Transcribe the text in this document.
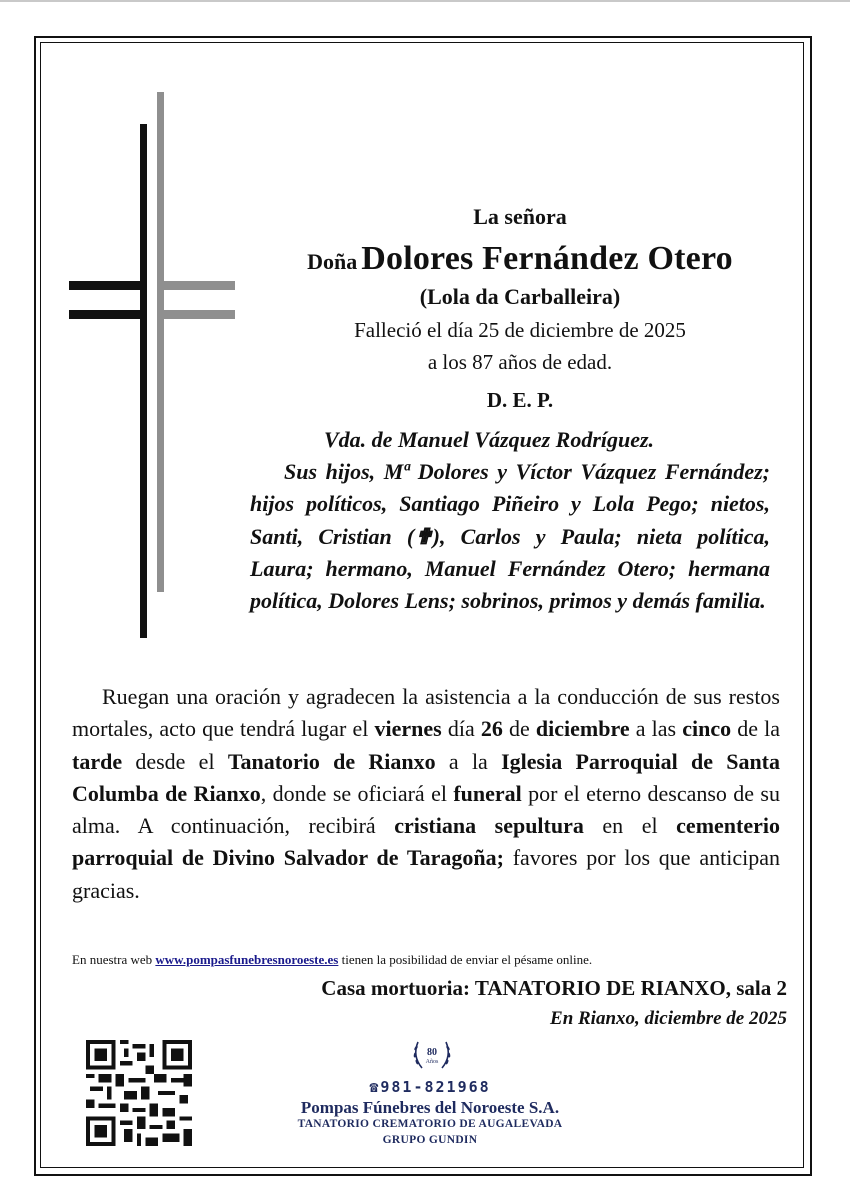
La señora
Doña Dolores Fernández Otero
(Lola da Carballeira)
Falleció el día 25 de diciembre de 2025
a los 87 años de edad.
D. E. P.
Vda. de Manuel Vázquez Rodríguez.
Sus hijos, Mª Dolores y Víctor Vázquez Fernández; hijos políticos, Santiago Piñeiro y Lola Pego; nietos, Santi, Cristian (✟), Carlos y Paula; nieta política, Laura; hermano, Manuel Fernández Otero; hermana política, Dolores Lens; sobrinos, primos y demás familia.
Ruegan una oración y agradecen la asistencia a la conducción de sus restos mortales, acto que tendrá lugar el viernes día 26 de diciembre a las cinco de la tarde desde el Tanatorio de Rianxo a la Iglesia Parroquial de Santa Columba de Rianxo, donde se oficiará el funeral por el eterno descanso de su alma. A continuación, recibirá cristiana sepultura en el cementerio parroquial de Divino Salvador de Taragoña; favores por los que anticipan gracias.
En nuestra web www.pompasfunebresnoroeste.es tienen la posibilidad de enviar el pésame online.
Casa mortuoria: TANATORIO DE RIANXO, sala 2
En Rianxo, diciembre de 2025
80
Años
☎981-821968
Pompas Fúnebres del Noroeste S.A.
TANATORIO CREMATORIO DE AUGALEVADA
GRUPO GUNDIN
